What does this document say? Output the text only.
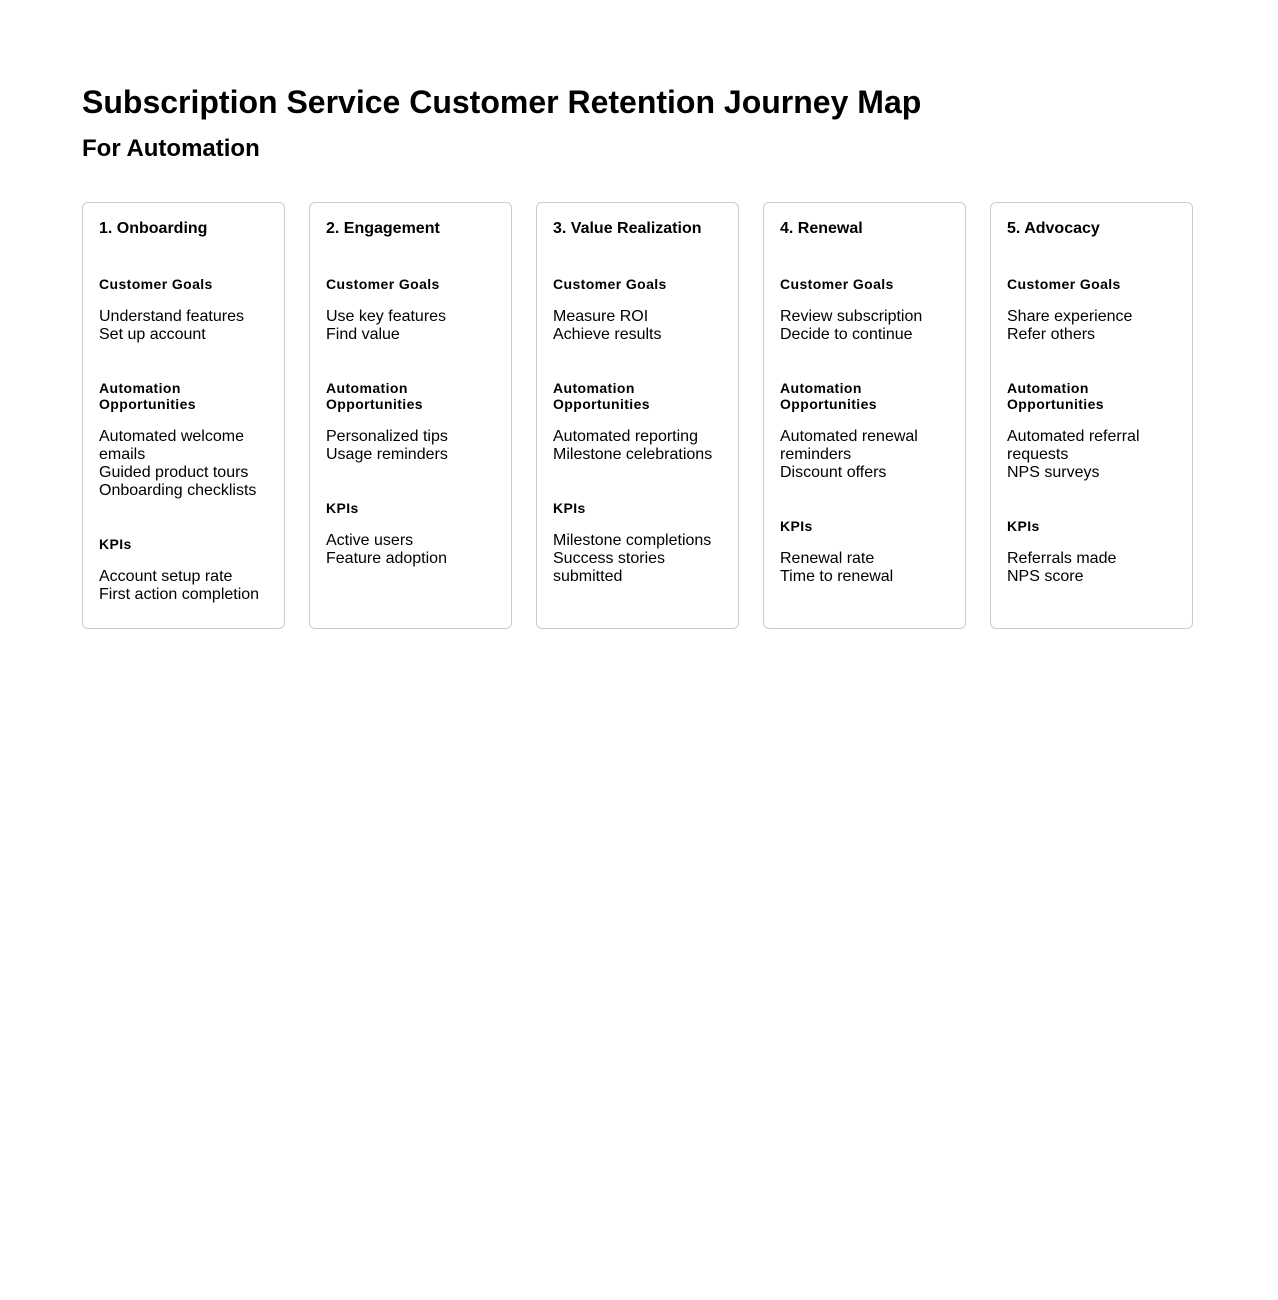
Subscription Service Customer Retention Journey Map
For Automation
1. Onboarding
Customer Goals
Understand features
Set up account
Automation Opportunities
Automated welcome emails
Guided product tours
Onboarding checklists
KPIs
Account setup rate
First action completion
2. Engagement
Customer Goals
Use key features
Find value
Automation Opportunities
Personalized tips
Usage reminders
KPIs
Active users
Feature adoption
3. Value Realization
Customer Goals
Measure ROI
Achieve results
Automation Opportunities
Automated reporting
Milestone celebrations
KPIs
Milestone completions
Success stories submitted
4. Renewal
Customer Goals
Review subscription
Decide to continue
Automation Opportunities
Automated renewal reminders
Discount offers
KPIs
Renewal rate
Time to renewal
5. Advocacy
Customer Goals
Share experience
Refer others
Automation Opportunities
Automated referral requests
NPS surveys
KPIs
Referrals made
NPS score
